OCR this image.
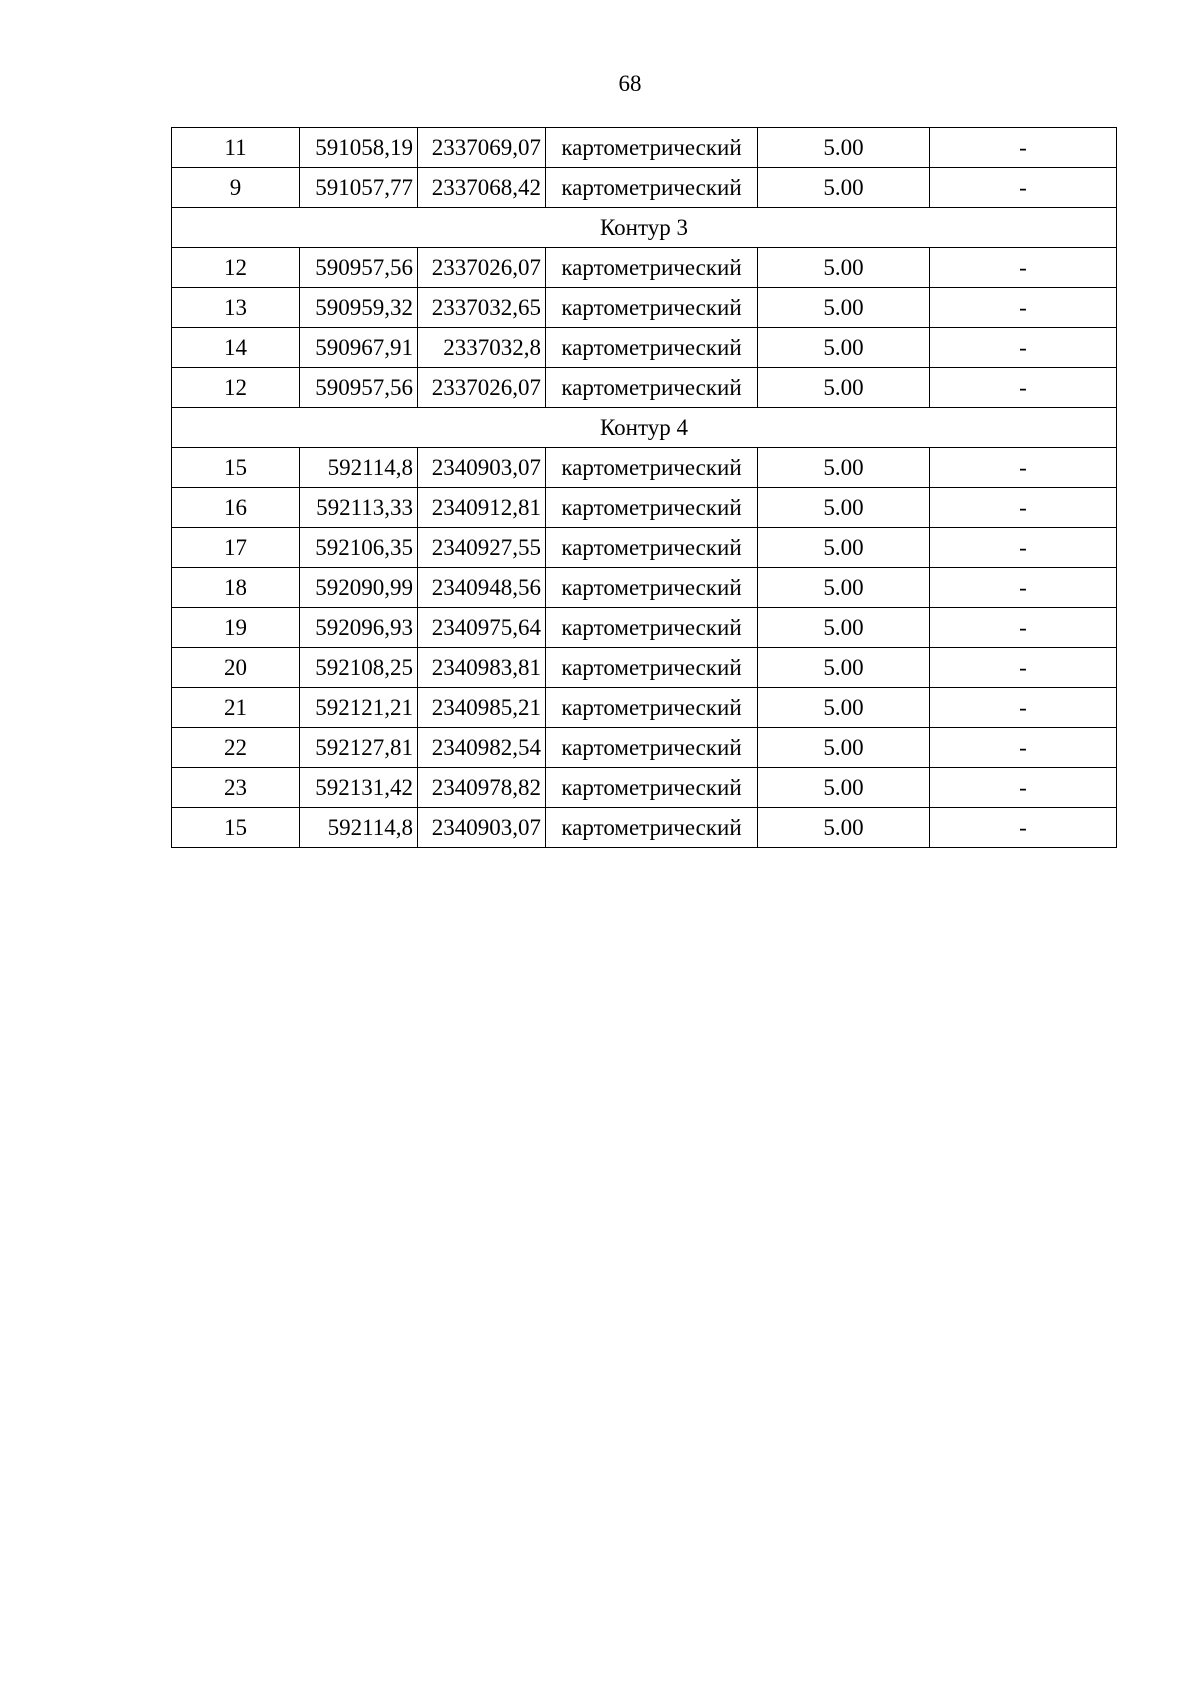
68
11	591058,19	2337069,07	картометрический	5.00	-
9	591057,77	2337068,42	картометрический	5.00	-
Контур 3					
12	590957,56	2337026,07	картометрический	5.00	-
13	590959,32	2337032,65	картометрический	5.00	-
14	590967,91	2337032,8	картометрический	5.00	-
12	590957,56	2337026,07	картометрический	5.00	-
Контур 4					
15	592114,8	2340903,07	картометрический	5.00	-
16	592113,33	2340912,81	картометрический	5.00	-
17	592106,35	2340927,55	картометрический	5.00	-
18	592090,99	2340948,56	картометрический	5.00	-
19	592096,93	2340975,64	картометрический	5.00	-
20	592108,25	2340983,81	картометрический	5.00	-
21	592121,21	2340985,21	картометрический	5.00	-
22	592127,81	2340982,54	картометрический	5.00	-
23	592131,42	2340978,82	картометрический	5.00	-
15	592114,8	2340903,07	картометрический	5.00	-
